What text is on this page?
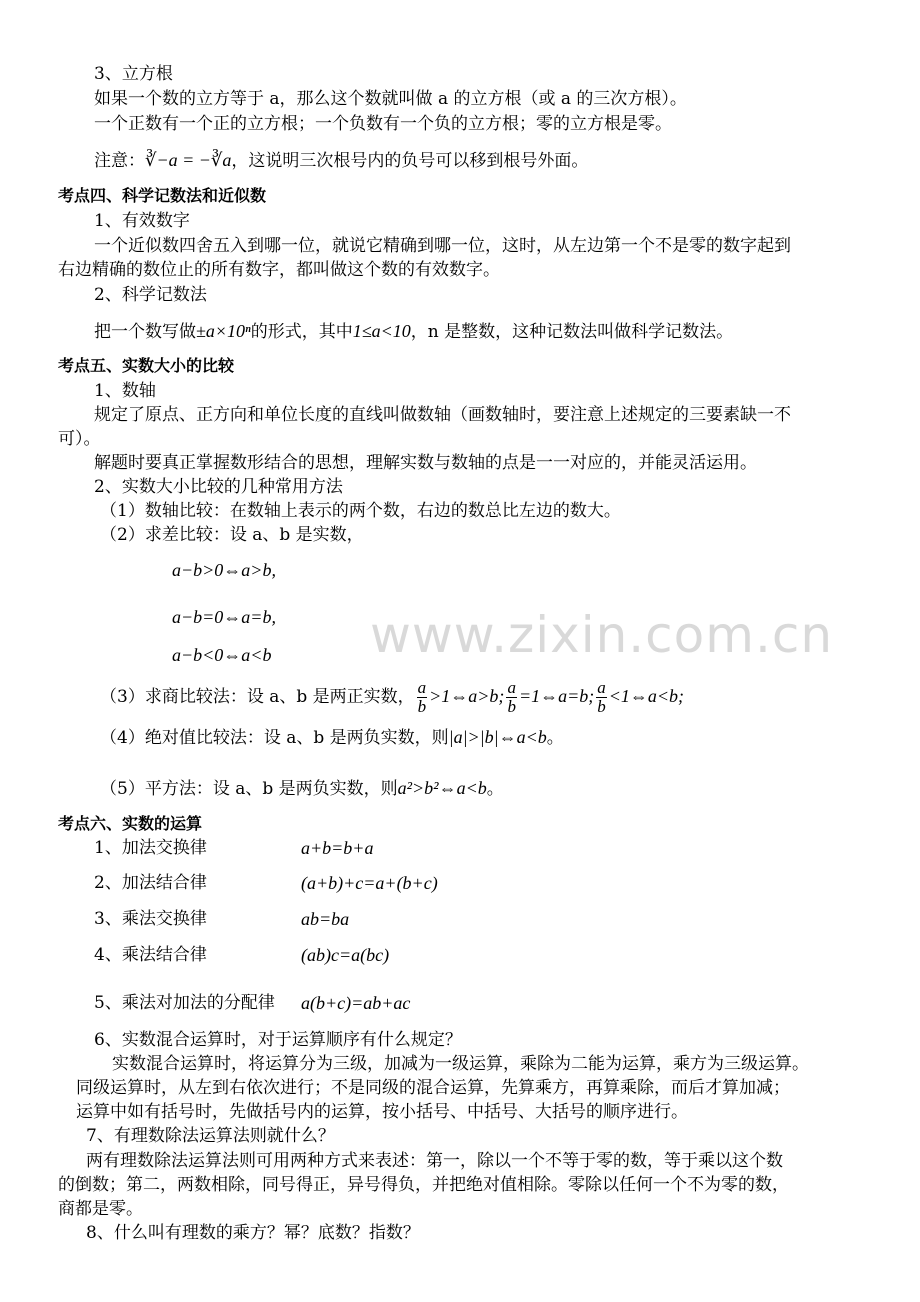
www.zixin.com.cn
3、立方根
如果一个数的立方等于 a，那么这个数就叫做 a 的立方根（或 a 的三次方根）。
一个正数有一个正的立方根；一个负数有一个负的立方根；零的立方根是零。
注意：∛−a = −∛a，这说明三次根号内的负号可以移到根号外面。
考点四、科学记数法和近似数
1、有效数字
一个近似数四舍五入到哪一位，就说它精确到哪一位，这时，从左边第一个不是零的数字起到
右边精确的数位止的所有数字，都叫做这个数的有效数字。
2、科学记数法
把一个数写做±a×10ⁿ的形式，其中1≤a<10，n 是整数，这种记数法叫做科学记数法。
考点五、实数大小的比较
1、数轴
规定了原点、正方向和单位长度的直线叫做数轴（画数轴时，要注意上述规定的三要素缺一不
可）。
解题时要真正掌握数形结合的思想，理解实数与数轴的点是一一对应的，并能灵活运用。
2、实数大小比较的几种常用方法
（1）数轴比较：在数轴上表示的两个数，右边的数总比左边的数大。
（2）求差比较：设 a、b 是实数，
a−b>0⇔a>b,
a−b=0⇔a=b,
a−b<0⇔a<b
（3）求商比较法：设 a、b 是两正实数， $\frac{a}{b}$ >1⇔a>b; $\frac{a}{b}$ =1⇔a=b; $\frac{a}{b}$ <1⇔a<b;
（4）绝对值比较法：设 a、b 是两负实数，则|a|>|b|⇔a<b。
（5）平方法：设 a、b 是两负实数，则a²>b²⇔a<b。
考点六、实数的运算
1、加法交换律	a+b=b+a
2、加法结合律	(a+b)+c=a+(b+c)
3、乘法交换律	ab=ba
4、乘法结合律	(ab)c=a(bc)
5、乘法对加法的分配律 a(b+c)=ab+ac
6、实数混合运算时，对于运算顺序有什么规定？
实数混合运算时，将运算分为三级，加减为一级运算，乘除为二能为运算，乘方为三级运算。
同级运算时，从左到右依次进行；不是同级的混合运算，先算乘方，再算乘除，而后才算加减；
运算中如有括号时，先做括号内的运算，按小括号、中括号、大括号的顺序进行。
7、有理数除法运算法则就什么？
两有理数除法运算法则可用两种方式来表述：第一，除以一个不等于零的数，等于乘以这个数
的倒数；第二，两数相除，同号得正，异号得负，并把绝对值相除。零除以任何一个不为零的数，
商都是零。
8、什么叫有理数的乘方？幂？底数？指数？
